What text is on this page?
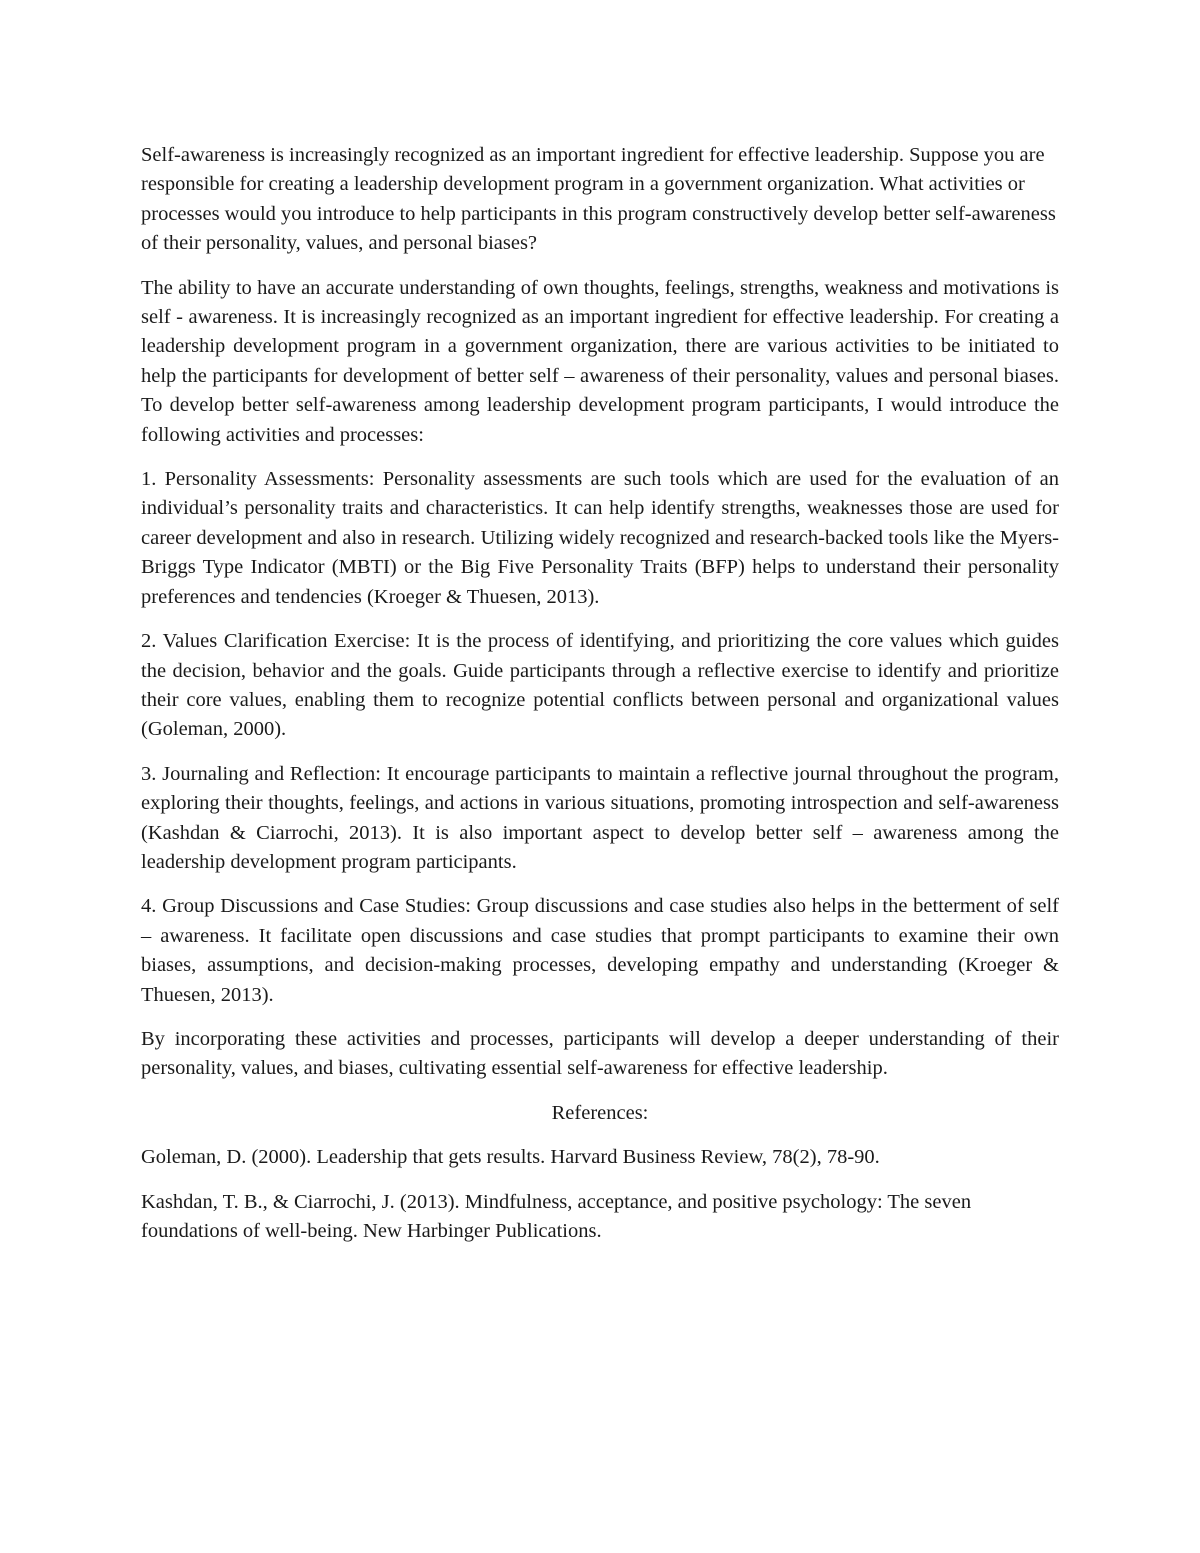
Self-awareness is increasingly recognized as an important ingredient for effective leadership. Suppose you are responsible for creating a leadership development program in a government organization. What activities or processes would you introduce to help participants in this program constructively develop better self-awareness of their personality, values, and personal biases?

The ability to have an accurate understanding of own thoughts, feelings, strengths, weakness and motivations is self - awareness. It is increasingly recognized as an important ingredient for effective leadership. For creating a leadership development program in a government organization, there are various activities to be initiated to help the participants for development of better self – awareness of their personality, values and personal biases. To develop better self-awareness among leadership development program participants, I would introduce the following activities and processes:

1. Personality Assessments: Personality assessments are such tools which are used for the evaluation of an individual’s personality traits and characteristics. It can help identify strengths, weaknesses those are used for career development and also in research. Utilizing widely recognized and research-backed tools like the Myers-Briggs Type Indicator (MBTI) or the Big Five Personality Traits (BFP) helps to understand their personality preferences and tendencies (Kroeger & Thuesen, 2013).

2. Values Clarification Exercise: It is the process of identifying, and prioritizing the core values which guides the decision, behavior and the goals. Guide participants through a reflective exercise to identify and prioritize their core values, enabling them to recognize potential conflicts between personal and organizational values (Goleman, 2000).

3. Journaling and Reflection: It encourage participants to maintain a reflective journal throughout the program, exploring their thoughts, feelings, and actions in various situations, promoting introspection and self-awareness (Kashdan & Ciarrochi, 2013). It is also important aspect to develop better self – awareness among the leadership development program participants.

4. Group Discussions and Case Studies: Group discussions and case studies also helps in the betterment of self – awareness. It facilitate open discussions and case studies that prompt participants to examine their own biases, assumptions, and decision-making processes, developing empathy and understanding (Kroeger & Thuesen, 2013).

By incorporating these activities and processes, participants will develop a deeper understanding of their personality, values, and biases, cultivating essential self-awareness for effective leadership.

References:

Goleman, D. (2000). Leadership that gets results. Harvard Business Review, 78(2), 78-90.

Kashdan, T. B., & Ciarrochi, J. (2013). Mindfulness, acceptance, and positive psychology: The seven foundations of well-being. New Harbinger Publications.
